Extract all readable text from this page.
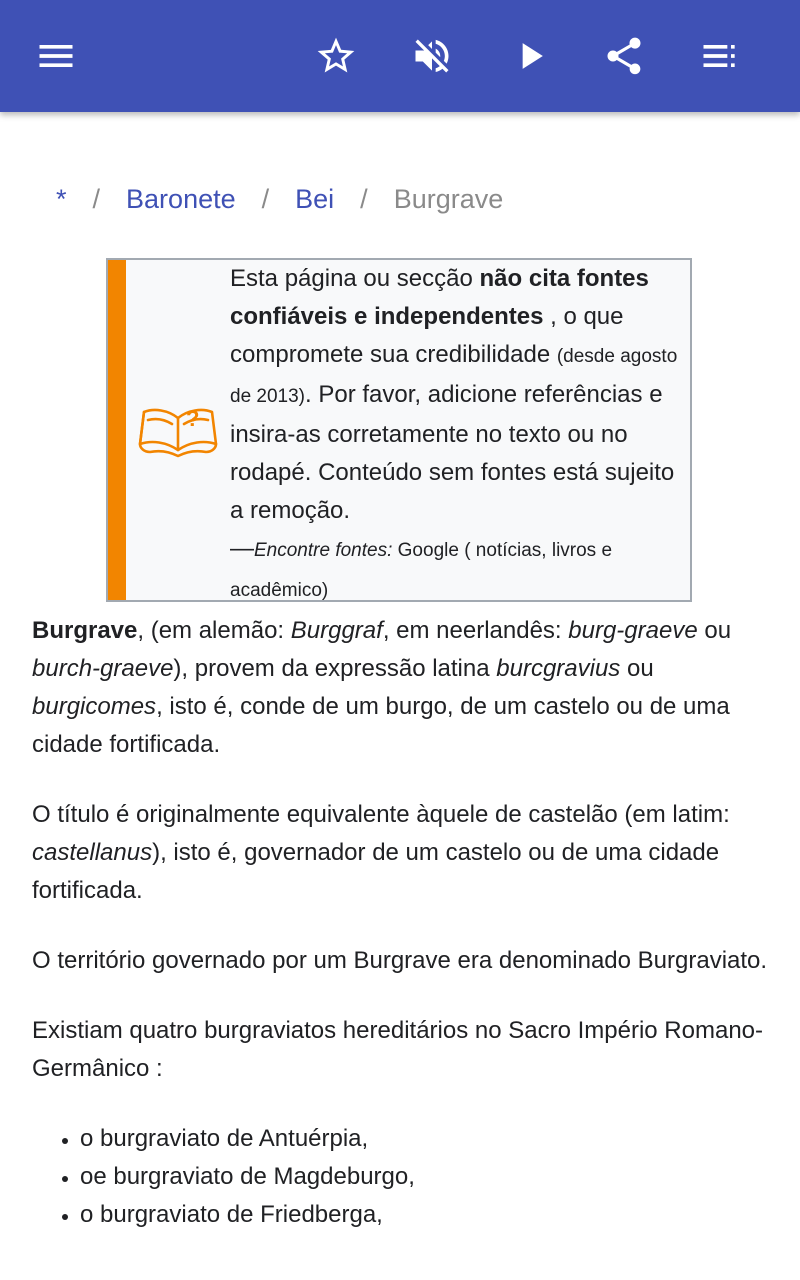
* / Baronete / Bei / Burgrave
?
Esta página ou secção não cita fontes confiáveis e independentes , o que compromete sua credibilidade (desde agosto de 2013). Por favor, adicione referências e insira-as corretamente no texto ou no rodapé. Conteúdo sem fontes está sujeito a remoção.
—Encontre fontes: Google ( notícias, livros e acadêmico)

Burgrave, (em alemão: Burggraf, em neerlandês: burg-graeve ou burch-graeve), provem da expressão latina burcgravius ou burgicomes, isto é, conde de um burgo, de um castelo ou de uma cidade fortificada.

O título é originalmente equivalente àquele de castelão (em latim: castellanus), isto é, governador de um castelo ou de uma cidade fortificada.

O território governado por um Burgrave era denominado Burgraviato.

Existiam quatro burgraviatos hereditários no Sacro Império Romano-Germânico :

• o burgraviato de Antuérpia,
• oe burgraviato de Magdeburgo,
• o burgraviato de Friedberga,
